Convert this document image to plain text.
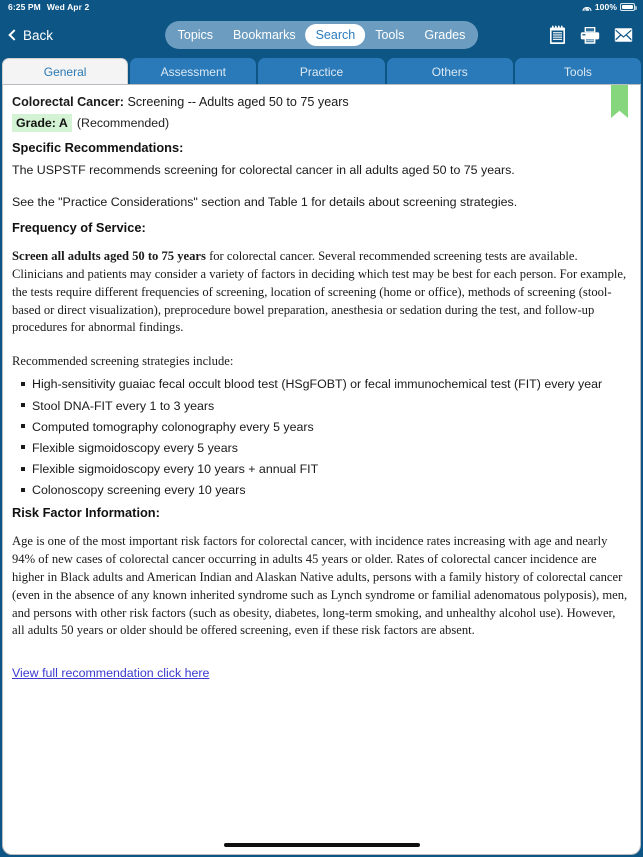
6:25 PM Wed Apr 2	100%
Back	Topics	Bookmarks	Search	Tools	Grades
General	Assessment	Practice	Others	Tools
Colorectal Cancer: Screening -- Adults aged 50 to 75 years
Grade: A (Recommended)
Specific Recommendations:

The USPSTF recommends screening for colorectal cancer in all adults aged 50 to 75 years.

See the "Practice Considerations" section and Table 1 for details about screening strategies.

Frequency of Service:

Screen all adults aged 50 to 75 years for colorectal cancer. Several recommended screening tests are available. Clinicians and patients may consider a variety of factors in deciding which test may be best for each person. For example, the tests require different frequencies of screening, location of screening (home or office), methods of screening (stool-based or direct visualization), preprocedure bowel preparation, anesthesia or sedation during the test, and follow-up procedures for abnormal findings.

Recommended screening strategies include:

High-sensitivity guaiac fecal occult blood test (HSgFOBT) or fecal immunochemical test (FIT) every year
Stool DNA-FIT every 1 to 3 years
Computed tomography colonography every 5 years
Flexible sigmoidoscopy every 5 years
Flexible sigmoidoscopy every 10 years + annual FIT
Colonoscopy screening every 10 years
Risk Factor Information:

Age is one of the most important risk factors for colorectal cancer, with incidence rates increasing with age and nearly 94% of new cases of colorectal cancer occurring in adults 45 years or older. Rates of colorectal cancer incidence are higher in Black adults and American Indian and Alaskan Native adults, persons with a family history of colorectal cancer (even in the absence of any known inherited syndrome such as Lynch syndrome or familial adenomatous polyposis), men, and persons with other risk factors (such as obesity, diabetes, long-term smoking, and unhealthy alcohol use). However, all adults 50 years or older should be offered screening, even if these risk factors are absent.

View full recommendation click here
